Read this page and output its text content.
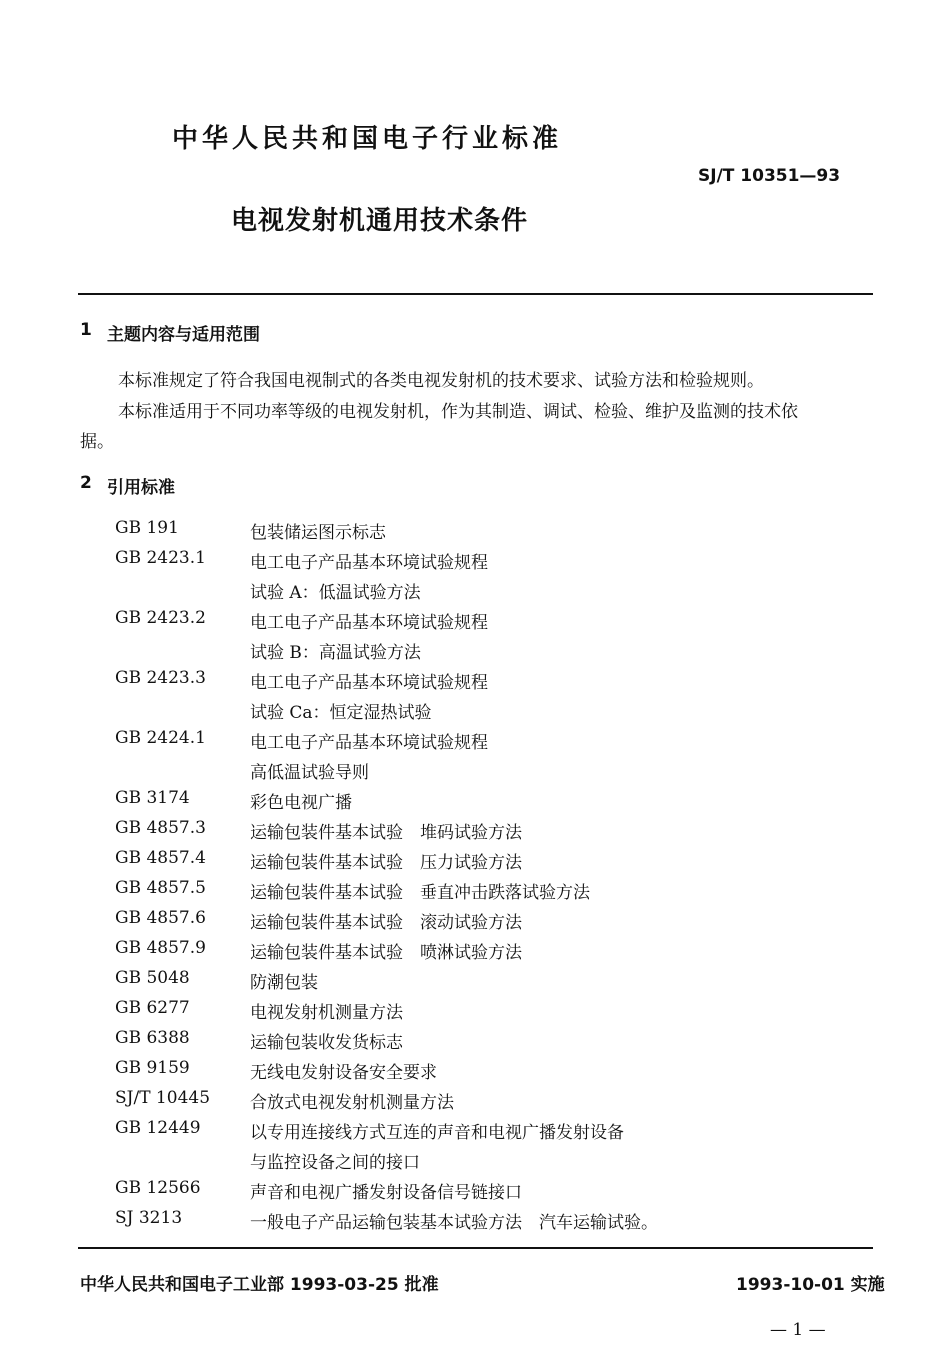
中华人民共和国电子行业标准
SJ/T 10351—93
电视发射机通用技术条件
1 主题内容与适用范围
本标准规定了符合我国电视制式的各类电视发射机的技术要求、试验方法和检验规则。
本标准适用于不同功率等级的电视发射机，作为其制造、调试、检验、维护及监测的技术依
据。
2 引用标准
GB 191	包装储运图示标志
GB 2423.1	电工电子产品基本环境试验规程
试验 A：低温试验方法
GB 2423.2	电工电子产品基本环境试验规程
试验 B：高温试验方法
GB 2423.3	电工电子产品基本环境试验规程
试验 Ca：恒定湿热试验
GB 2424.1	电工电子产品基本环境试验规程
高低温试验导则
GB 3174	彩色电视广播
GB 4857.3	运输包装件基本试验　堆码试验方法
GB 4857.4	运输包装件基本试验　压力试验方法
GB 4857.5	运输包装件基本试验　垂直冲击跌落试验方法
GB 4857.6	运输包装件基本试验　滚动试验方法
GB 4857.9	运输包装件基本试验　喷淋试验方法
GB 5048	防潮包装
GB 6277	电视发射机测量方法
GB 6388	运输包装收发货标志
GB 9159	无线电发射设备安全要求
SJ/T 10445 合放式电视发射机测量方法
GB 12449	以专用连接线方式互连的声音和电视广播发射设备
与监控设备之间的接口
GB 12566	声音和电视广播发射设备信号链接口
SJ 3213	一般电子产品运输包装基本试验方法　汽车运输试验。
中华人民共和国电子工业部 1993-03-25 批准	1993-10-01 实施
— 1 —
